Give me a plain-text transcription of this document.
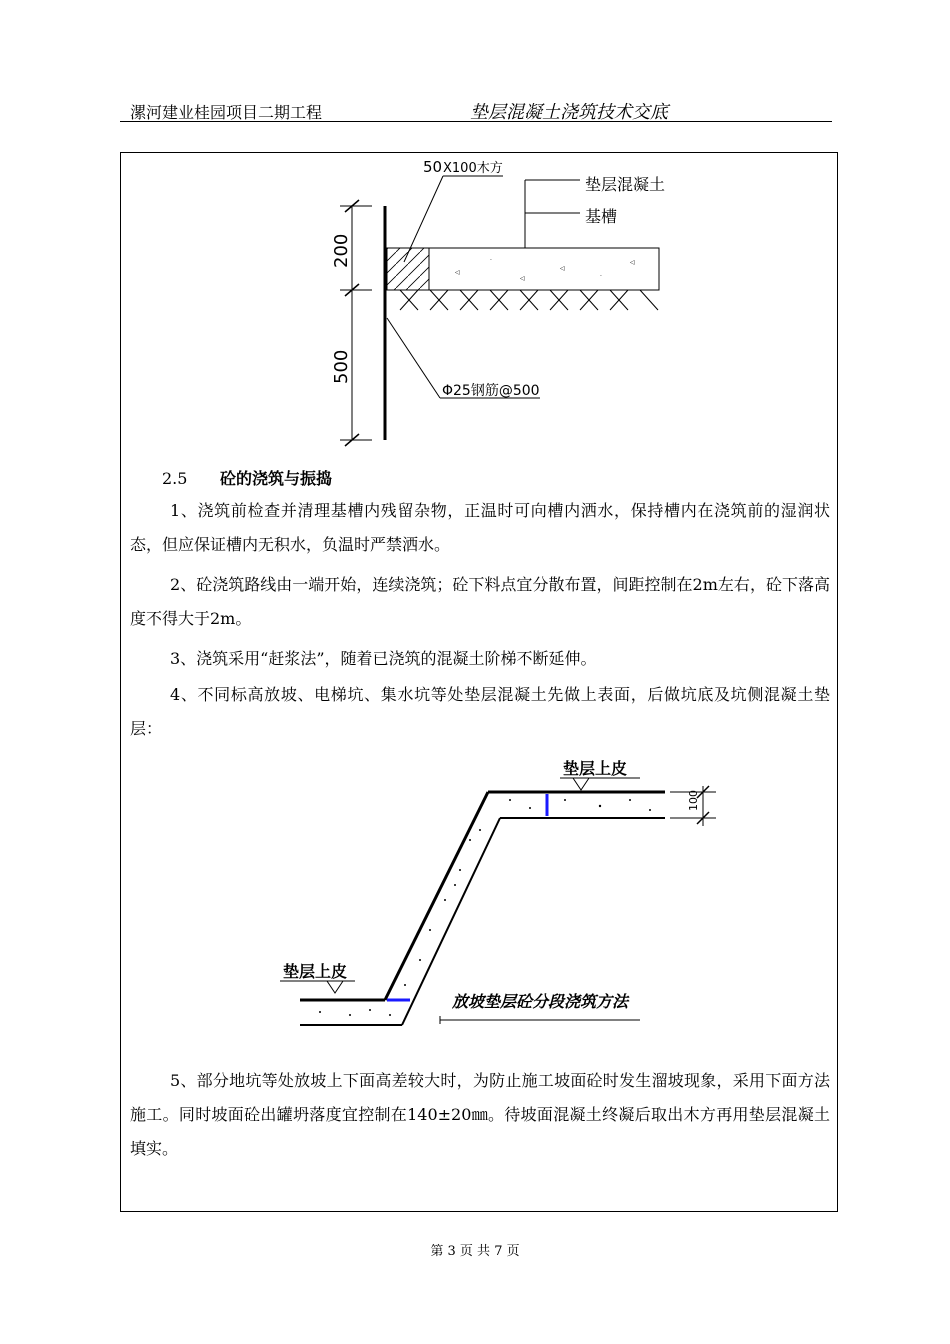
漯河建业桂园项目二期工程	垫层混凝土浇筑技术交底
50 X100木方
垫层混凝土
基槽
200
500
◁
·
◁
◁
·
◁
Φ25钢筋@500
2.5 砼的浇筑与振捣

1、浇筑前检查并清理基槽内残留杂物，正温时可向槽内洒水，保持槽内在浇筑前的湿润状态，但应保证槽内无积水，负温时严禁洒水。

2、砼浇筑路线由一端开始，连续浇筑；砼下料点宜分散布置，间距控制在2m左右，砼下落高度不得大于2m。

3、浇筑采用“赶浆法”，随着已浇筑的混凝土阶梯不断延伸。

4、不同标高放坡、电梯坑、集水坑等处垫层混凝土先做上表面，后做坑底及坑侧混凝土垫层：

垫层上皮
100
垫层上皮
放坡垫层砼分段浇筑方法

5、部分地坑等处放坡上下面高差较大时，为防止施工坡面砼时发生溜坡现象，采用下面方法施工。同时坡面砼出罐坍落度宜控制在140±20㎜。待坡面混凝土终凝后取出木方再用垫层混凝土填实。

第 3 页 共 7 页
